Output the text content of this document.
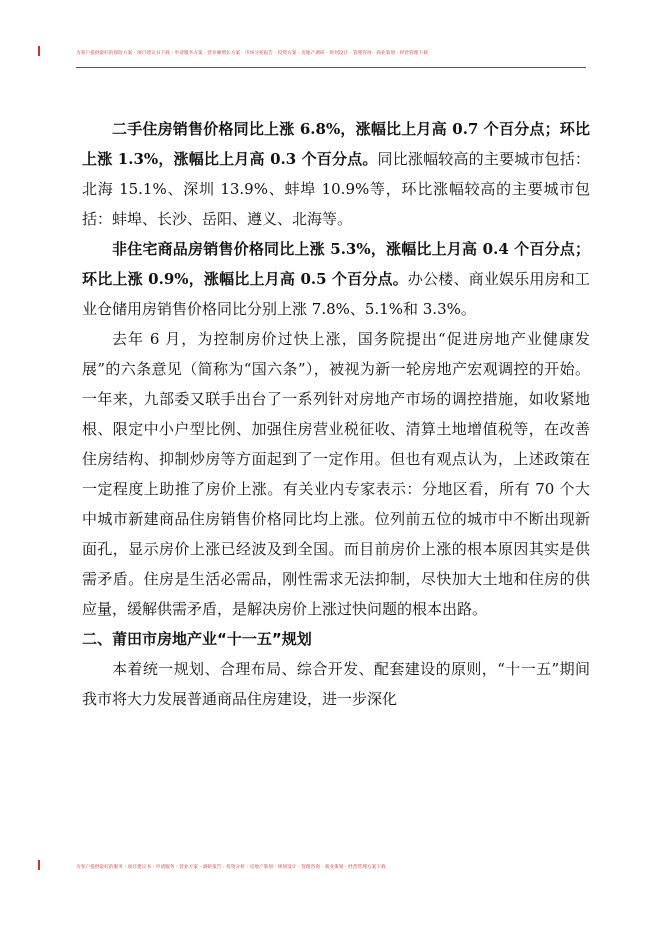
为客户提供最好的保险方案 · 项目建议书下载 · 申请服务方案 · 营业额增长方案 · 市场分析报告 · 投资方案 · 房地产调研 · 规划设计 · 管理咨询 · 商业策划 · 经营管理下载

二手住房销售价格同比上涨 6.8%，涨幅比上月高 0.7 个百分点；环比上涨 1.3%，涨幅比上月高 0.3 个百分点。同比涨幅较高的主要城市包括：北海 15.1%、深圳 13.9%、蚌埠 10.9%等，环比涨幅较高的主要城市包括：蚌埠、长沙、岳阳、遵义、北海等。

非住宅商品房销售价格同比上涨 5.3%，涨幅比上月高 0.4 个百分点；环比上涨 0.9%，涨幅比上月高 0.5 个百分点。办公楼、商业娱乐用房和工业仓储用房销售价格同比分别上涨 7.8%、5.1%和 3.3%。

去年 6 月，为控制房价过快上涨，国务院提出“促进房地产业健康发展”的六条意见（简称为“国六条”），被视为新一轮房地产宏观调控的开始。一年来，九部委又联手出台了一系列针对房地产市场的调控措施，如收紧地根、限定中小户型比例、加强住房营业税征收、清算土地增值税等，在改善住房结构、抑制炒房等方面起到了一定作用。但也有观点认为，上述政策在一定程度上助推了房价上涨。有关业内专家表示：分地区看，所有 70 个大中城市新建商品住房销售价格同比均上涨。位列前五位的城市中不断出现新面孔，显示房价上涨已经波及到全国。而目前房价上涨的根本原因其实是供需矛盾。住房是生活必需品，刚性需求无法抑制，尽快加大土地和住房的供应量，缓解供需矛盾，是解决房价上涨过快问题的根本出路。

二、莆田市房地产业“十一五”规划

本着统一规划、合理布局、综合开发、配套建设的原则，“十一五”期间我市将大力发展普通商品住房建设，进一步深化

为客户提供最好的服务 · 项目建议书 · 申请服务 · 营业方案 · 调研报告 · 投资分析 · 房地产策划 · 规划设计 · 管理咨询 · 商业策划 · 经营管理方案下载
